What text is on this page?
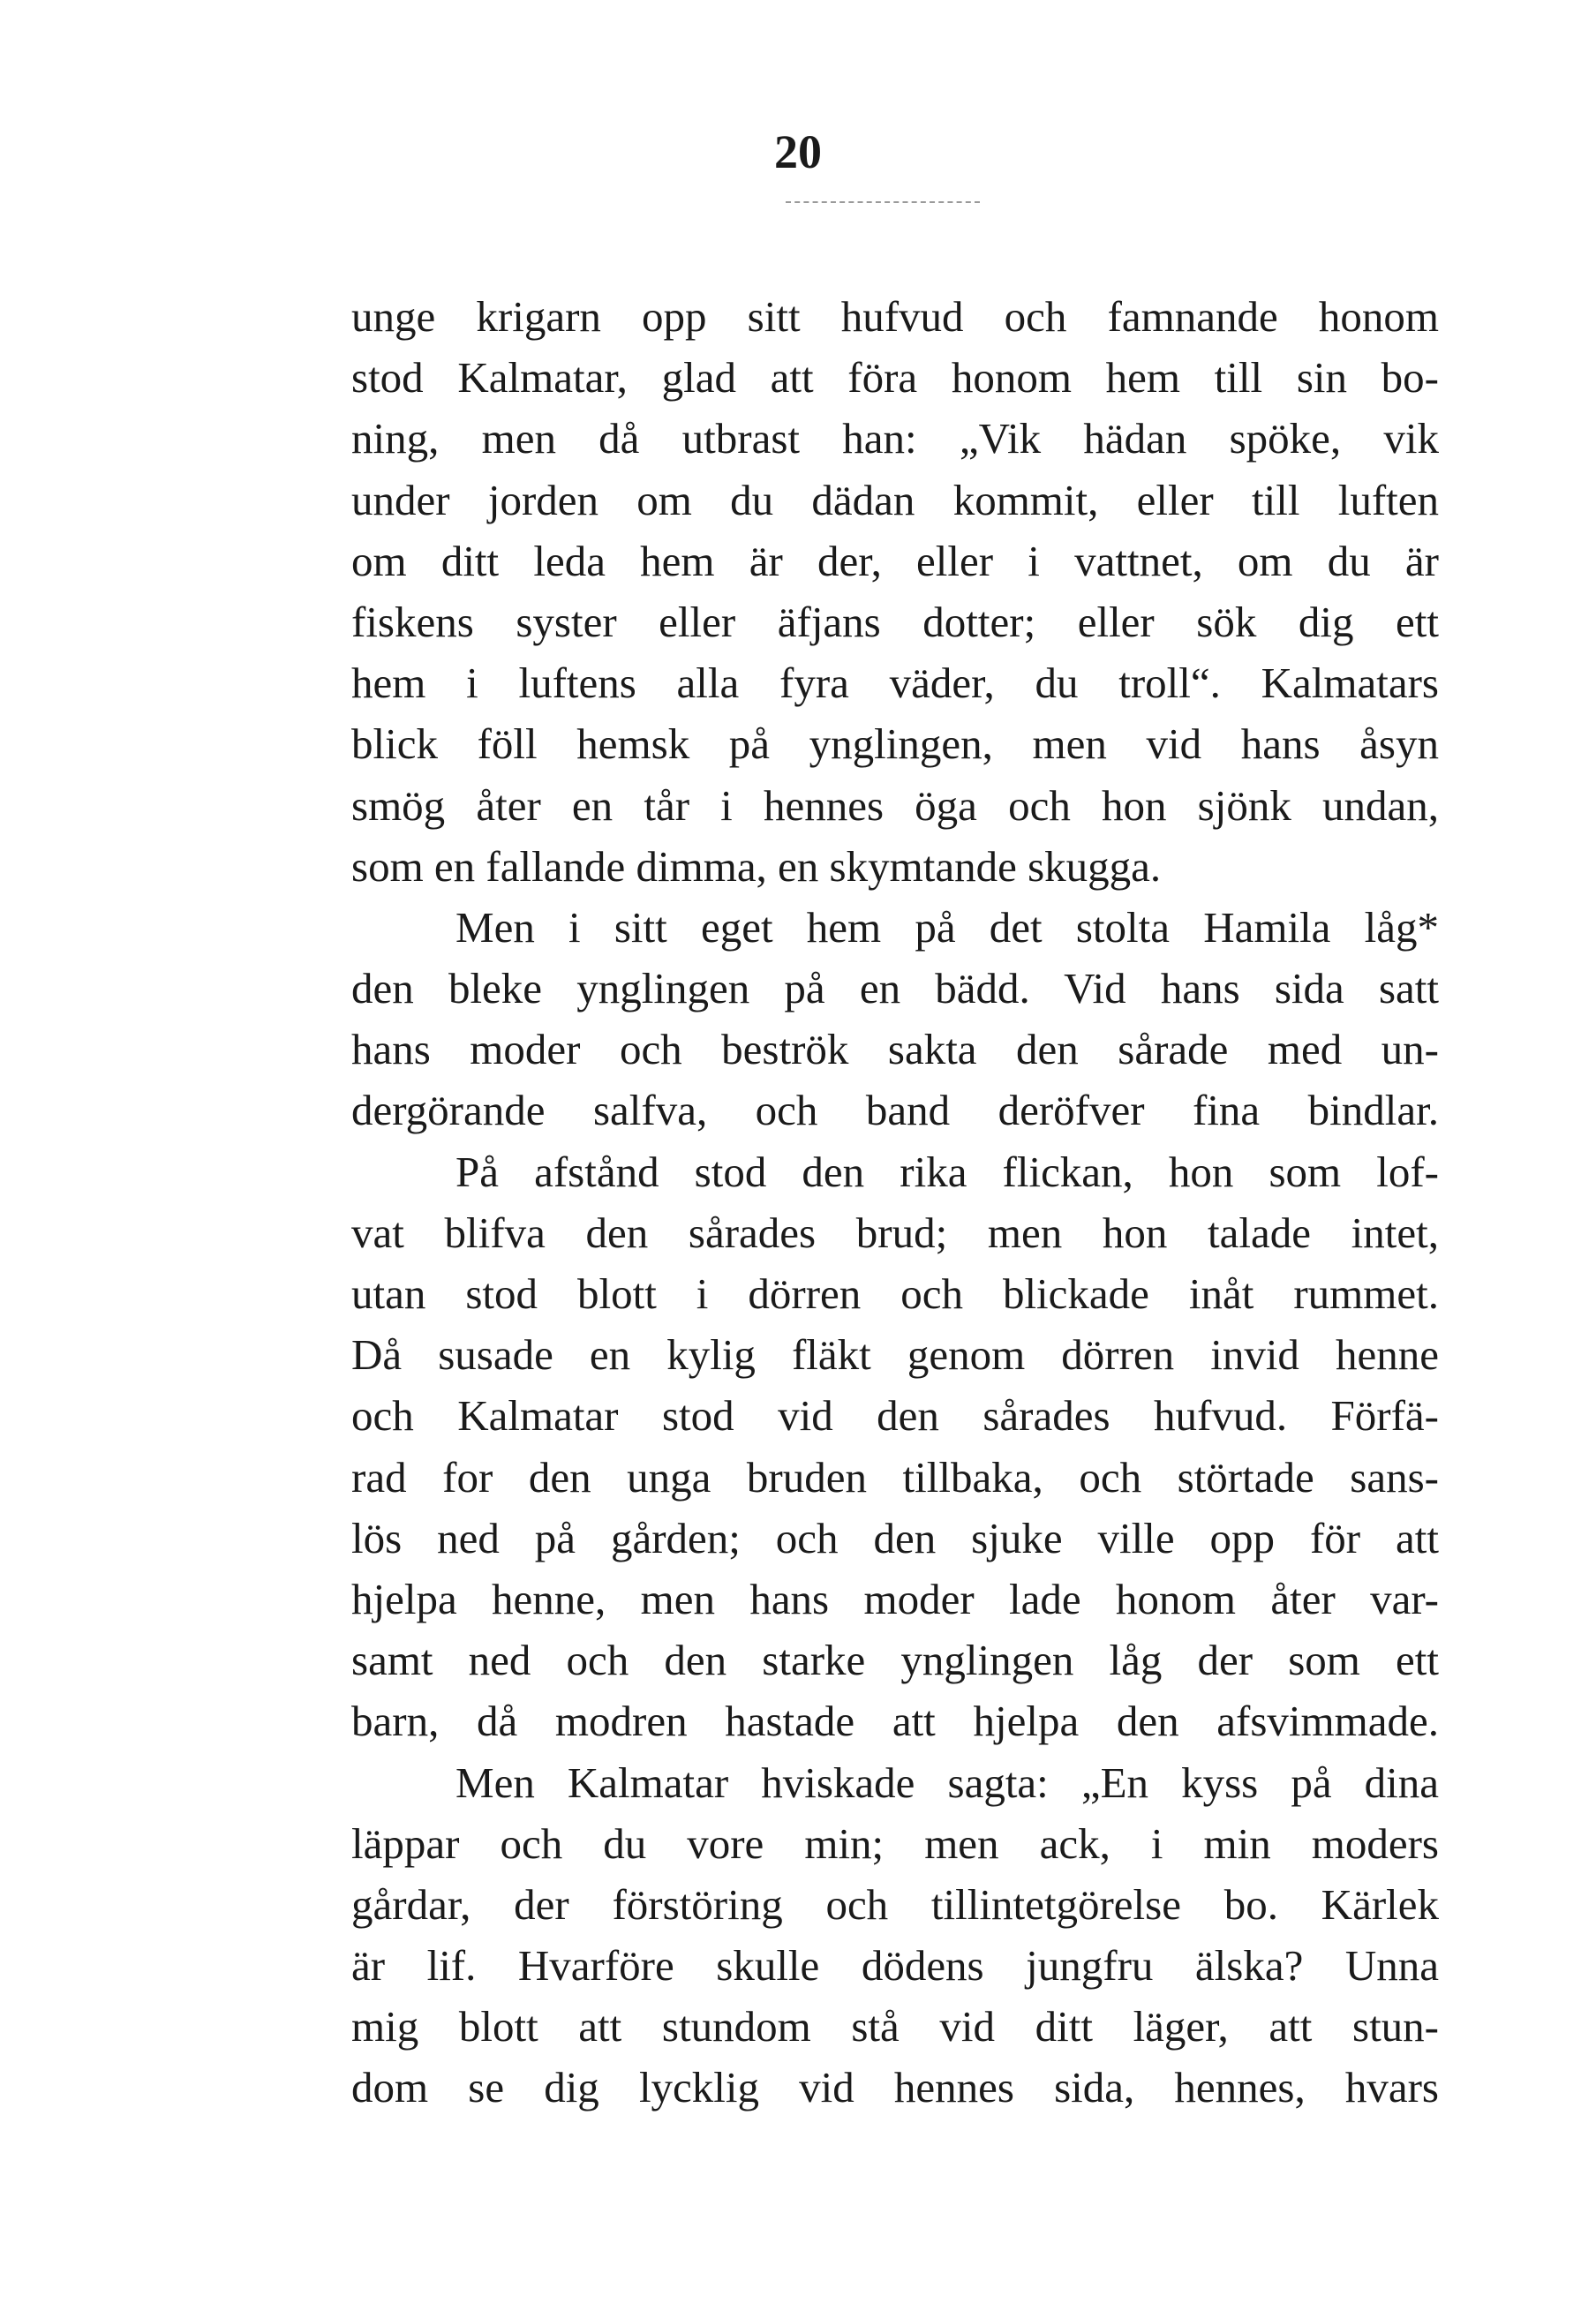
20
unge krigarn opp sitt hufvud och famnande honom
stod Kalmatar, glad att föra honom hem till sin bo-
ning, men då utbrast han: „Vik hädan spöke, vik
under jorden om du dädan kommit, eller till luften
om ditt leda hem är der, eller i vattnet, om du är
fiskens syster eller äfjans dotter; eller sök dig ett
hem i luftens alla fyra väder, du troll“. Kalmatars
blick föll hemsk på ynglingen, men vid hans åsyn
smög åter en tår i hennes öga och hon sjönk undan,
som en fallande dimma, en skymtande skugga.
Men i sitt eget hem på det stolta Hamila låg*
den bleke ynglingen på en bädd. Vid hans sida satt
hans moder och beströk sakta den sårade med un-
dergörande salfva, och band deröfver fina bindlar.
På afstånd stod den rika flickan, hon som lof-
vat blifva den sårades brud; men hon talade intet,
utan stod blott i dörren och blickade inåt rummet.
Då susade en kylig fläkt genom dörren invid henne
och Kalmatar stod vid den sårades hufvud. Förfä-
rad for den unga bruden tillbaka, och störtade sans-
lös ned på gården; och den sjuke ville opp för att
hjelpa henne, men hans moder lade honom åter var-
samt ned och den starke ynglingen låg der som ett
barn, då modren hastade att hjelpa den afsvimmade.
Men Kalmatar hviskade sagta: „En kyss på dina
läppar och du vore min; men ack, i min moders
gårdar, der förstöring och tillintetgörelse bo. Kärlek
är lif. Hvarföre skulle dödens jungfru älska? Unna
mig blott att stundom stå vid ditt läger, att stun-
dom se dig lycklig vid hennes sida, hennes, hvars
